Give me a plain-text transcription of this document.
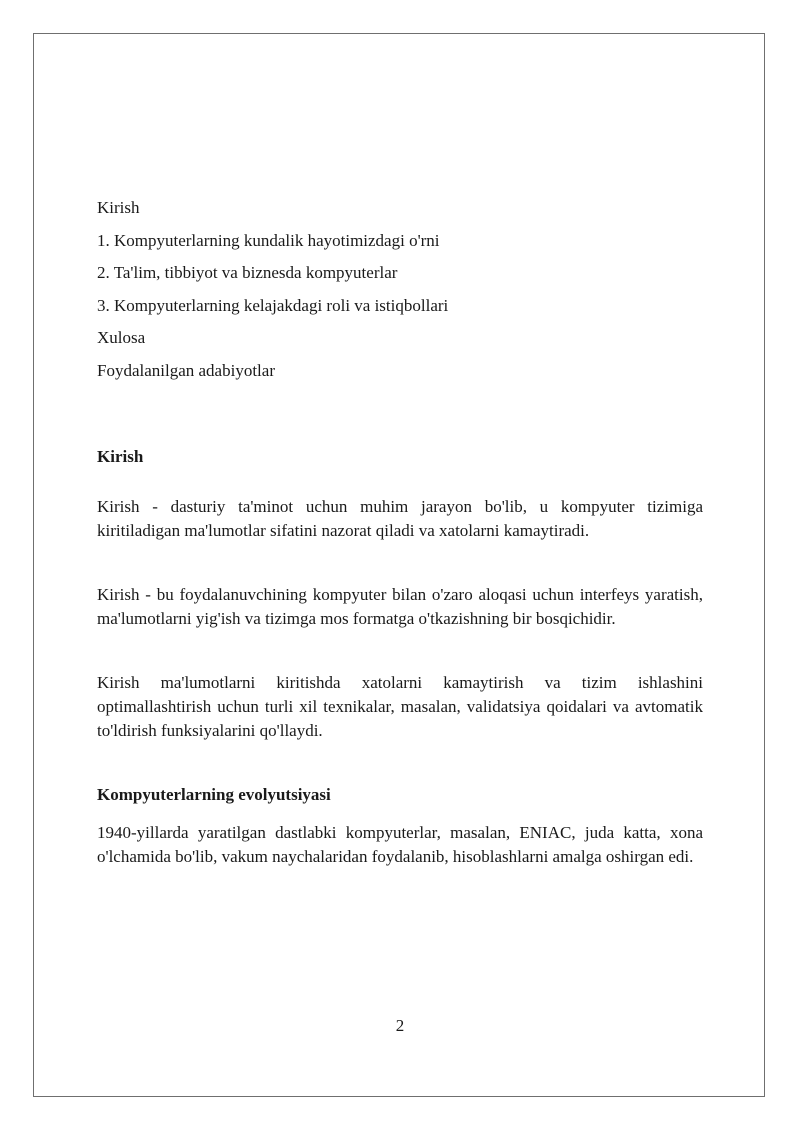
Kirish
1. Kompyuterlarning kundalik hayotimizdagi o'rni
2. Ta'lim, tibbiyot va biznesda kompyuterlar
3. Kompyuterlarning kelajakdagi roli va istiqbollari
Xulosa
Foydalanilgan adabiyotlar
Kirish

Kirish - dasturiy ta'minot uchun muhim jarayon bo'lib, u kompyuter tizimiga kiritiladigan ma'lumotlar sifatini nazorat qiladi va xatolarni kamaytiradi.

Kirish - bu foydalanuvchining kompyuter bilan o'zaro aloqasi uchun interfeys yaratish, ma'lumotlarni yig'ish va tizimga mos formatga o'tkazishning bir bosqichidir.

Kirish ma'lumotlarni kiritishda xatolarni kamaytirish va tizim ishlashini optimallashtirish uchun turli xil texnikalar, masalan, validatsiya qoidalari va avtomatik to'ldirish funksiyalarini qo'llaydi.

Kompyuterlarning evolyutsiyasi

1940-yillarda yaratilgan dastlabki kompyuterlar, masalan, ENIAC, juda katta, xona o'lchamida bo'lib, vakum naychalaridan foydalanib, hisoblashlarni amalga oshirgan edi.

2
